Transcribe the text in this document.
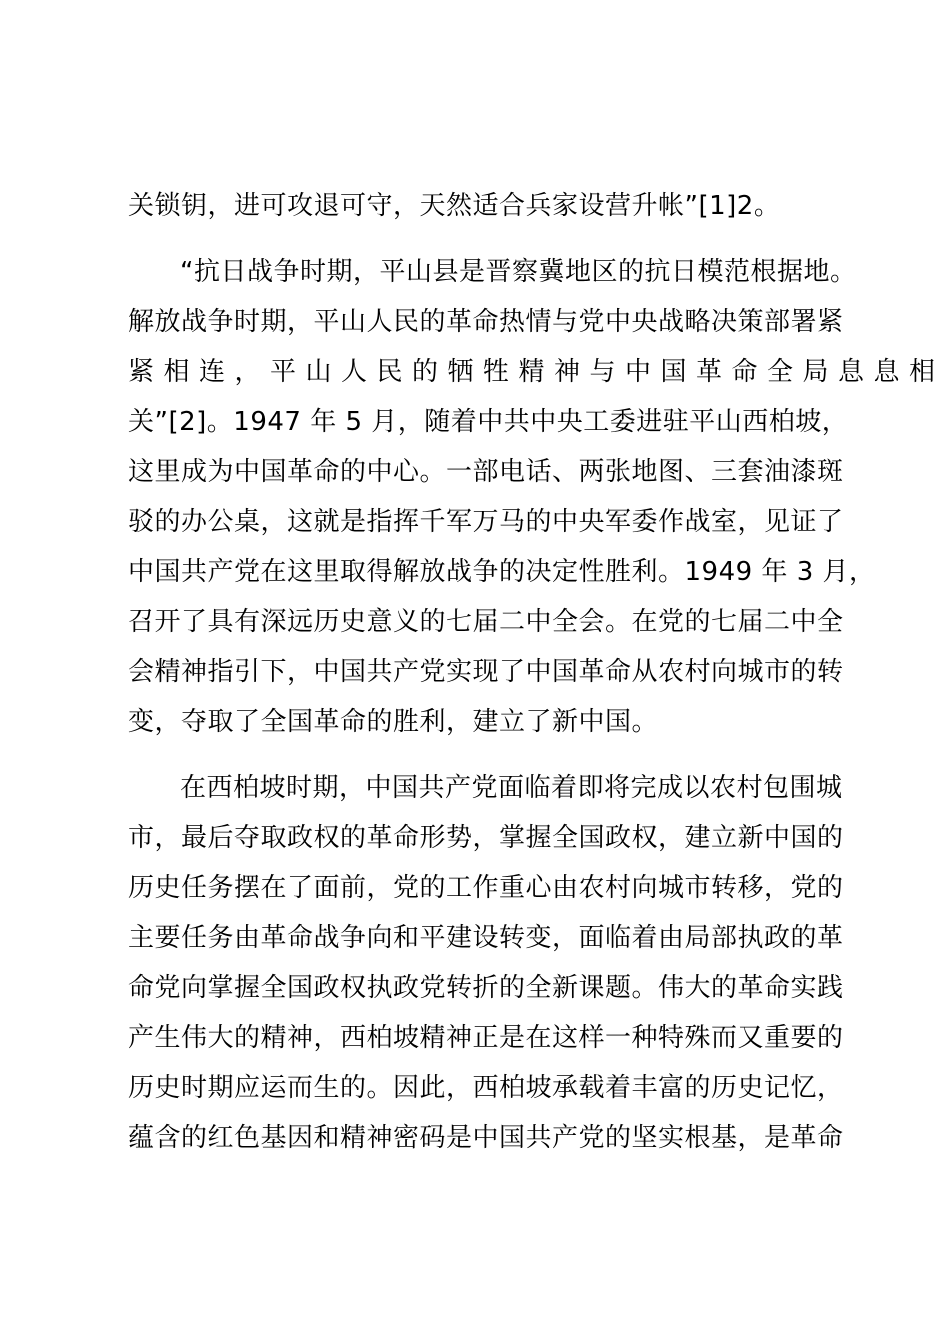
关锁钥，进可攻退可守，天然适合兵家设营升帐”[1]2。
“抗日战争时期，平山县是晋察冀地区的抗日模范根据地。
解放战争时期，平山人民的革命热情与党中央战略决策部署紧
紧相连，平山人民的牺牲精神与中国革命全局息息相
关”[2]。1947 年 5 月，随着中共中央工委进驻平山西柏坡，
这里成为中国革命的中心。一部电话、两张地图、三套油漆斑
驳的办公桌，这就是指挥千军万马的中央军委作战室，见证了
中国共产党在这里取得解放战争的决定性胜利。1949 年 3 月，
召开了具有深远历史意义的七届二中全会。在党的七届二中全
会精神指引下，中国共产党实现了中国革命从农村向城市的转
变，夺取了全国革命的胜利，建立了新中国。
在西柏坡时期，中国共产党面临着即将完成以农村包围城
市，最后夺取政权的革命形势，掌握全国政权，建立新中国的
历史任务摆在了面前，党的工作重心由农村向城市转移，党的
主要任务由革命战争向和平建设转变，面临着由局部执政的革
命党向掌握全国政权执政党转折的全新课题。伟大的革命实践
产生伟大的精神，西柏坡精神正是在这样一种特殊而又重要的
历史时期应运而生的。因此，西柏坡承载着丰富的历史记忆，
蕴含的红色基因和精神密码是中国共产党的坚实根基，是革命
